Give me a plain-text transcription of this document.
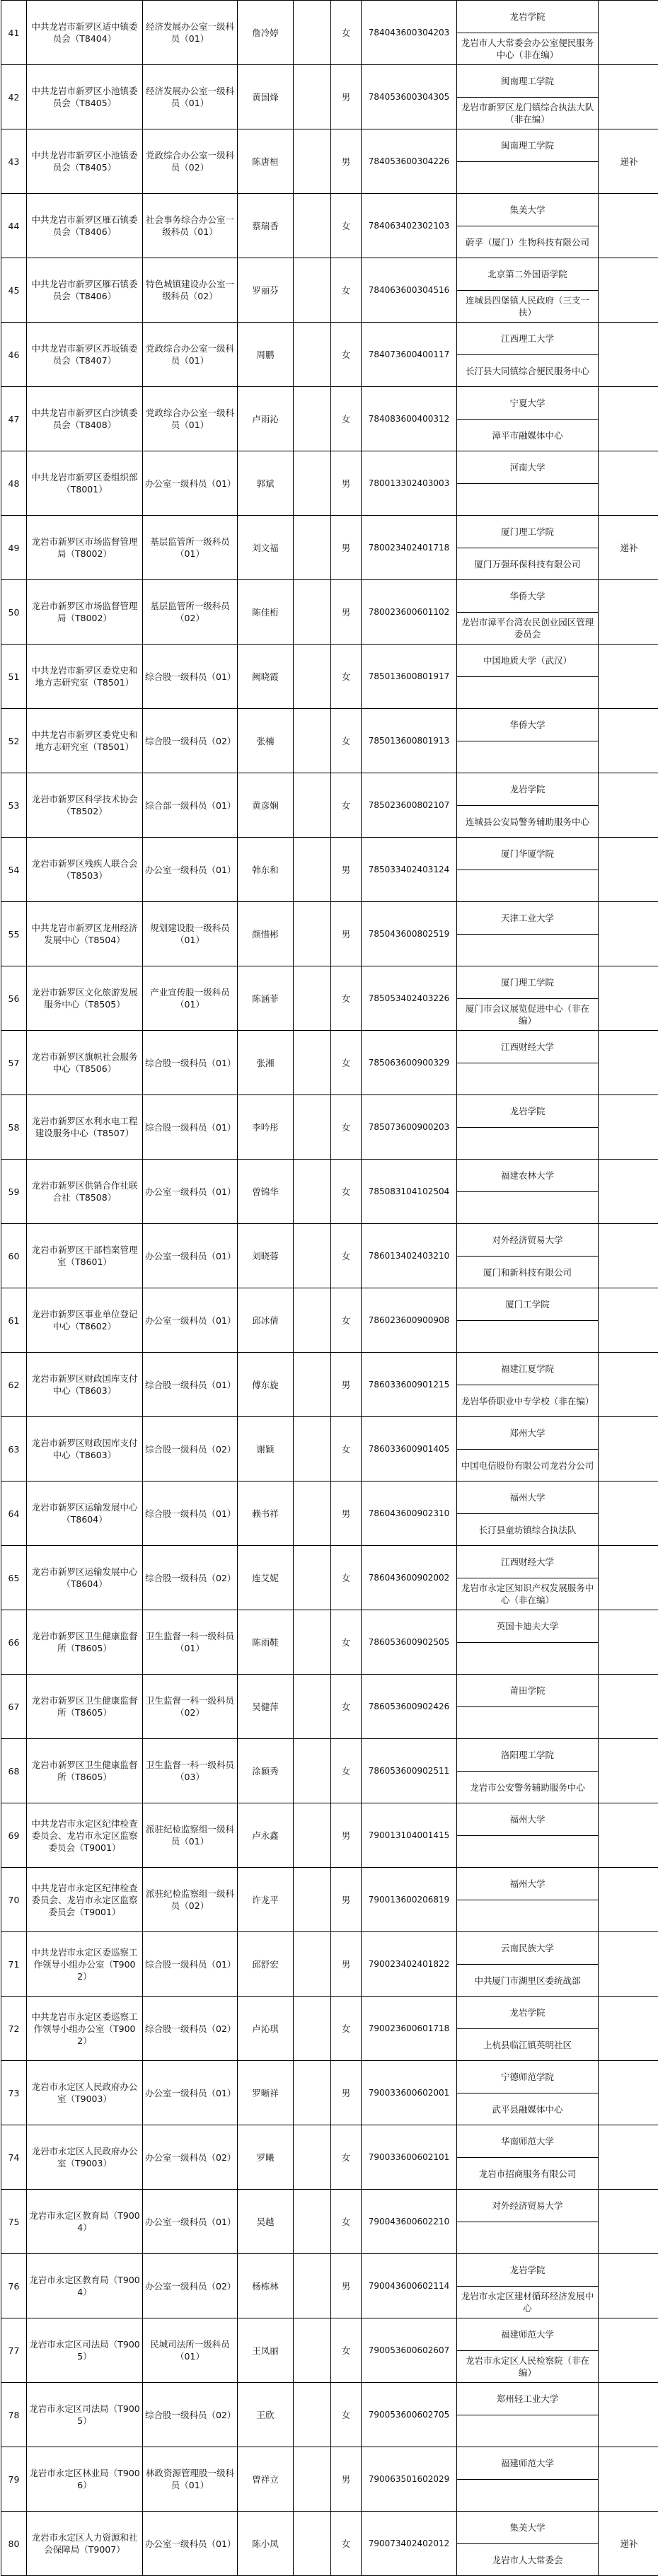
41	中共龙岩市新罗区适中镇委员会（T8404）	经济发展办公室一级科员（01）	詹冷婷		女	784043600304203	龙岩学院
龙岩市人大常委会办公室便民服务中心（非在编）	

42	中共龙岩市新罗区小池镇委员会（T8405）	经济发展办公室一级科员（01）	黄国烽		男	784053600304305	闽南理工学院
龙岩市新罗区龙门镇综合执法大队（非在编）	

43	中共龙岩市新罗区小池镇委员会（T8405）	党政综合办公室一级科员（02）	陈唐桓		男	784053600304226	闽南理工学院	递补
44	中共龙岩市新罗区雁石镇委员会（T8406）	社会事务综合办公室一级科员（01）	蔡瑞香		女	784063402302103	集美大学
蔚孚（厦门）生物科技有限公司	

45	中共龙岩市新罗区雁石镇委员会（T8406）	特色城镇建设办公室一级科员（02）	罗丽芬		女	784063600304516	北京第二外国语学院
连城县四堡镇人民政府（三支一扶）	

46	中共龙岩市新罗区苏坂镇委员会（T8407）	党政综合办公室一级科员（01）	周鹏		女	784073600400117	江西理工大学
长汀县大同镇综合便民服务中心	

47	中共龙岩市新罗区白沙镇委员会（T8408）	党政综合办公室一级科员（01）	卢雨沁		女	784083600400312	宁夏大学
漳平市融媒体中心	

48	中共龙岩市新罗区委组织部（T8001）	办公室一级科员（01）	郭斌		男	780013302403003	河南大学	

49	龙岩市新罗区市场监督管理局（T8002）	基层监管所一级科员（01）	刘文福		男	780023402401718	厦门理工学院
厦门万强环保科技有限公司	递补
50	龙岩市新罗区市场监督管理局（T8002）	基层监管所一级科员（02）	陈佳桁		男	780023600601102	华侨大学
龙岩市漳平台湾农民创业园区管理委员会	

51	中共龙岩市新罗区委党史和地方志研究室（T8501）	综合股一级科员（01）	阙晓霞		女	785013600801917	中国地质大学（武汉）	

52	中共龙岩市新罗区委党史和地方志研究室（T8501）	综合股一级科员（02）	张楠		女	785013600801913	华侨大学	

53	龙岩市新罗区科学技术协会（T8502）	综合部一级科员（01）	黄彦娴		女	785023600802107	龙岩学院
连城县公安局警务辅助服务中心	

54	龙岩市新罗区残疾人联合会（T8503）	办公室一级科员（01）	韩东和		男	785033402403124	厦门华厦学院	

55	中共龙岩市新罗区龙州经济发展中心（T8504）	规划建设股一级科员（01）	颜惜彬		男	785043600802519	天津工业大学	

56	龙岩市新罗区文化旅游发展服务中心（T8505）	产业宣传股一级科员（01）	陈涵菲		女	785053402403226	厦门理工学院
厦门市会议展览促进中心（非在编）	

57	龙岩市新罗区旗帜社会服务中心（T8506）	综合股一级科员（01）	张湘		女	785063600900329	江西财经大学	

58	龙岩市新罗区水利水电工程建设服务中心（T8507）	综合股一级科员（01）	李吟彤		女	785073600900203	龙岩学院	

59	龙岩市新罗区供销合作社联合社（T8508）	办公室一级科员（01）	曾锦华		女	785083104102504	福建农林大学	

60	龙岩市新罗区干部档案管理室（T8601）	办公室一级科员（01）	刘晓蓉		女	786013402403210	对外经济贸易大学
厦门和新科技有限公司	

61	龙岩市新罗区事业单位登记中心（T8602）	办公室一级科员（01）	邱冰倩		女	786023600900908	厦门工学院	

62	龙岩市新罗区财政国库支付中心（T8603）	综合股一级科员（01）	傅东旋		男	786033600901215	福建江夏学院
龙岩华侨职业中专学校（非在编）	

63	龙岩市新罗区财政国库支付中心（T8603）	综合股一级科员（02）	谢颖		女	786033600901405	郑州大学
中国电信股份有限公司龙岩分公司	

64	龙岩市新罗区运输发展中心（T8604）	综合股一级科员（01）	赖书祥		男	786043600902310	福州大学
长汀县童坊镇综合执法队	

65	龙岩市新罗区运输发展中心（T8604）	综合股一级科员（02）	连艾妮		女	786043600902002	江西财经大学
龙岩市永定区知识产权发展服务中心（非在编）	

66	龙岩市新罗区卫生健康监督所（T8605）	卫生监督一科一级科员（01）	陈雨鞋		女	786053600902505	英国卡迪夫大学	

67	龙岩市新罗区卫生健康监督所（T8605）	卫生监督一科一级科员（02）	吴健萍		女	786053600902426	莆田学院	

68	龙岩市新罗区卫生健康监督所（T8605）	卫生监督一科一级科员（03）	涂颖秀		女	786053600902511	洛阳理工学院
龙岩市公安警务辅助服务中心	

69	中共龙岩市永定区纪律检查委员会、龙岩市永定区监察委员会（T9001）	派驻纪检监察组一级科员（01）	卢永鑫		男	790013104001415	福州大学	

70	中共龙岩市永定区纪律检查委员会、龙岩市永定区监察委员会（T9001）	派驻纪检监察组一级科员（02）	许龙平		男	790013600206819	福州大学	

71	中共龙岩市永定区委巡察工作领导小组办公室（T9002）	综合股一级科员（01）	邱舒宏		男	790023402401822	云南民族大学
中共厦门市湖里区委统战部	

72	中共龙岩市永定区委巡察工作领导小组办公室（T9002）	综合股一级科员（02）	卢沁琪		女	790023600601718	龙岩学院
上杭县临江镇英明社区	

73	龙岩市永定区人民政府办公室（T9003）	办公室一级科员（01）	罗晰祥		男	790033600602001	宁德师范学院
武平县融媒体中心	

74	龙岩市永定区人民政府办公室（T9003）	办公室一级科员（02）	罗曦		女	790033600602101	华南师范大学
龙岩市招商服务有限公司	

75	龙岩市永定区教育局（T9004）	办公室一级科员（01）	吴越		女	790043600602210	对外经济贸易大学	

76	龙岩市永定区教育局（T9004）	办公室一级科员（02）	杨栋林		男	790043600602114	龙岩学院
龙岩市永定区建材循环经济发展中心	

77	龙岩市永定区司法局（T9005）	民城司法所一级科员（01）	王凤丽		女	790053600602607	福建师范大学
龙岩市永定区人民检察院（非在编）	

78	龙岩市永定区司法局（T9005）	综合股一级科员（02）	王欣		女	790053600602705	郑州轻工业大学	

79	龙岩市永定区林业局（T9006）	林政资源管理股一级科员（01）	曾祥立		男	790063501602029	福建师范大学	

80	龙岩市永定区人力资源和社会保障局（T9007）	办公室一级科员（01）	陈小凤		女	790073402402012	集美大学
龙岩市人大常委会	递补
